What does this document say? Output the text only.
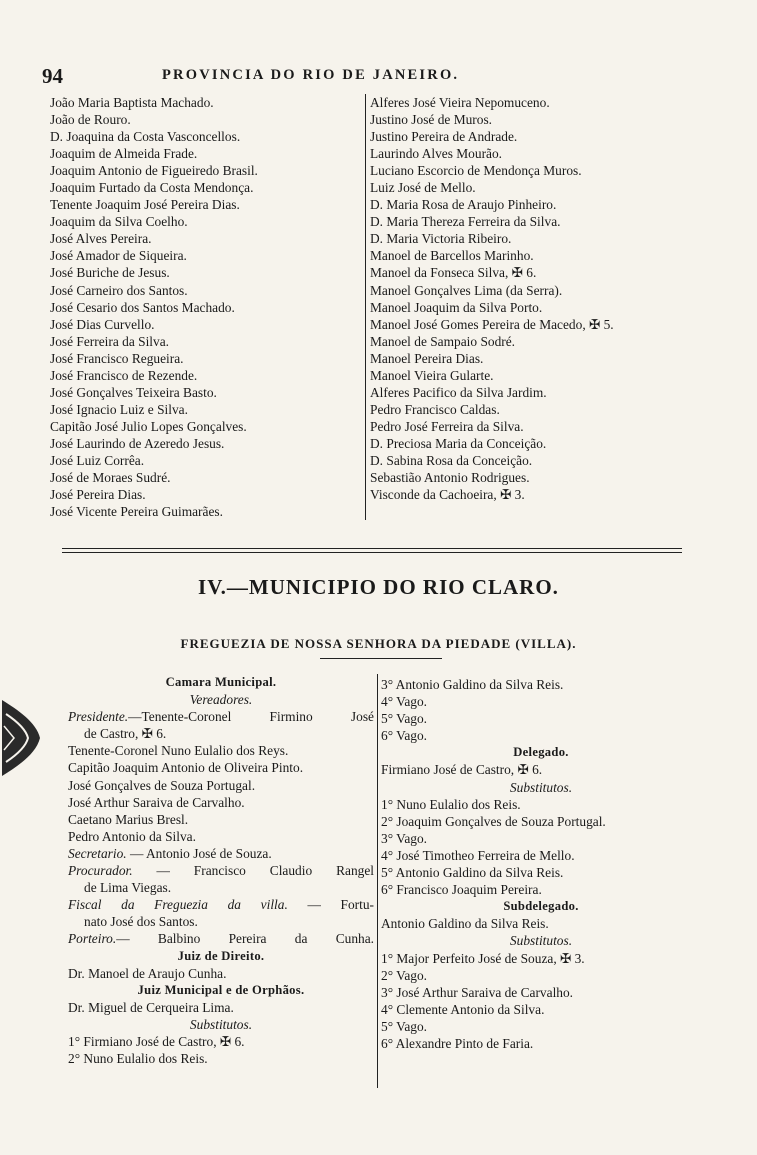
94	PROVINCIA DO RIO DE JANEIRO.
João Maria Baptista Machado.
João de Rouro.
D. Joaquina da Costa Vasconcellos.
Joaquim de Almeida Frade.
Joaquim Antonio de Figueiredo Brasil.
Joaquim Furtado da Costa Mendonça.
Tenente Joaquim José Pereira Dias.
Joaquim da Silva Coelho.
José Alves Pereira.
José Amador de Siqueira.
José Buriche de Jesus.
José Carneiro dos Santos.
José Cesario dos Santos Machado.
José Dias Curvello.
José Ferreira da Silva.
José Francisco Regueira.
José Francisco de Rezende.
José Gonçalves Teixeira Basto.
José Ignacio Luiz e Silva.
Capitão José Julio Lopes Gonçalves.
José Laurindo de Azeredo Jesus.
José Luiz Corrêa.
José de Moraes Sudré.
José Pereira Dias.
José Vicente Pereira Guimarães.
Alferes José Vieira Nepomuceno.
Justino José de Muros.
Justino Pereira de Andrade.
Laurindo Alves Mourão.
Luciano Escorcio de Mendonça Muros.
Luiz José de Mello.
D. Maria Rosa de Araujo Pinheiro.
D. Maria Thereza Ferreira da Silva.
D. Maria Victoria Ribeiro.
Manoel de Barcellos Marinho.
Manoel da Fonseca Silva, ✠ 6.
Manoel Gonçalves Lima (da Serra).
Manoel Joaquim da Silva Porto.
Manoel José Gomes Pereira de Macedo, ✠ 5.
Manoel de Sampaio Sodré.
Manoel Pereira Dias.
Manoel Vieira Gularte.
Alferes Pacifico da Silva Jardim.
Pedro Francisco Caldas.
Pedro José Ferreira da Silva.
D. Preciosa Maria da Conceição.
D. Sabina Rosa da Conceição.
Sebastião Antonio Rodrigues.
Visconde da Cachoeira, ✠ 3.
IV.—MUNICIPIO DO RIO CLARO.
FREGUEZIA DE NOSSA SENHORA DA PIEDADE (VILLA).
Camara Municipal.
Vereadores.
Presidente.—Tenente-Coronel Firmino José
de Castro, ✠ 6.
Tenente-Coronel Nuno Eulalio dos Reys.
Capitão Joaquim Antonio de Oliveira Pinto.
José Gonçalves de Souza Portugal.
José Arthur Saraiva de Carvalho.
Caetano Marius Bresl.
Pedro Antonio da Silva.
Secretario. — Antonio José de Souza.
Procurador. — Francisco Claudio Rangel
de Lima Viegas.
Fiscal da Freguezia da villa. — Fortu-
nato José dos Santos.
Porteiro.— Balbino Pereira da Cunha.
Juiz de Direito.
Dr. Manoel de Araujo Cunha.
Juiz Municipal e de Orphãos.
Dr. Miguel de Cerqueira Lima.
Substitutos.
1° Firmiano José de Castro, ✠ 6.
2° Nuno Eulalio dos Reis.
3° Antonio Galdino da Silva Reis.
4° Vago.
5° Vago.
6° Vago.
Delegado.
Firmiano José de Castro, ✠ 6.
Substitutos.
1° Nuno Eulalio dos Reis.
2° Joaquim Gonçalves de Souza Portugal.
3° Vago.
4° José Timotheo Ferreira de Mello.
5° Antonio Galdino da Silva Reis.
6° Francisco Joaquim Pereira.
Subdelegado.
Antonio Galdino da Silva Reis.
Substitutos.
1° Major Perfeito José de Souza, ✠ 3.
2° Vago.
3° José Arthur Saraiva de Carvalho.
4° Clemente Antonio da Silva.
5° Vago.
6° Alexandre Pinto de Faria.
